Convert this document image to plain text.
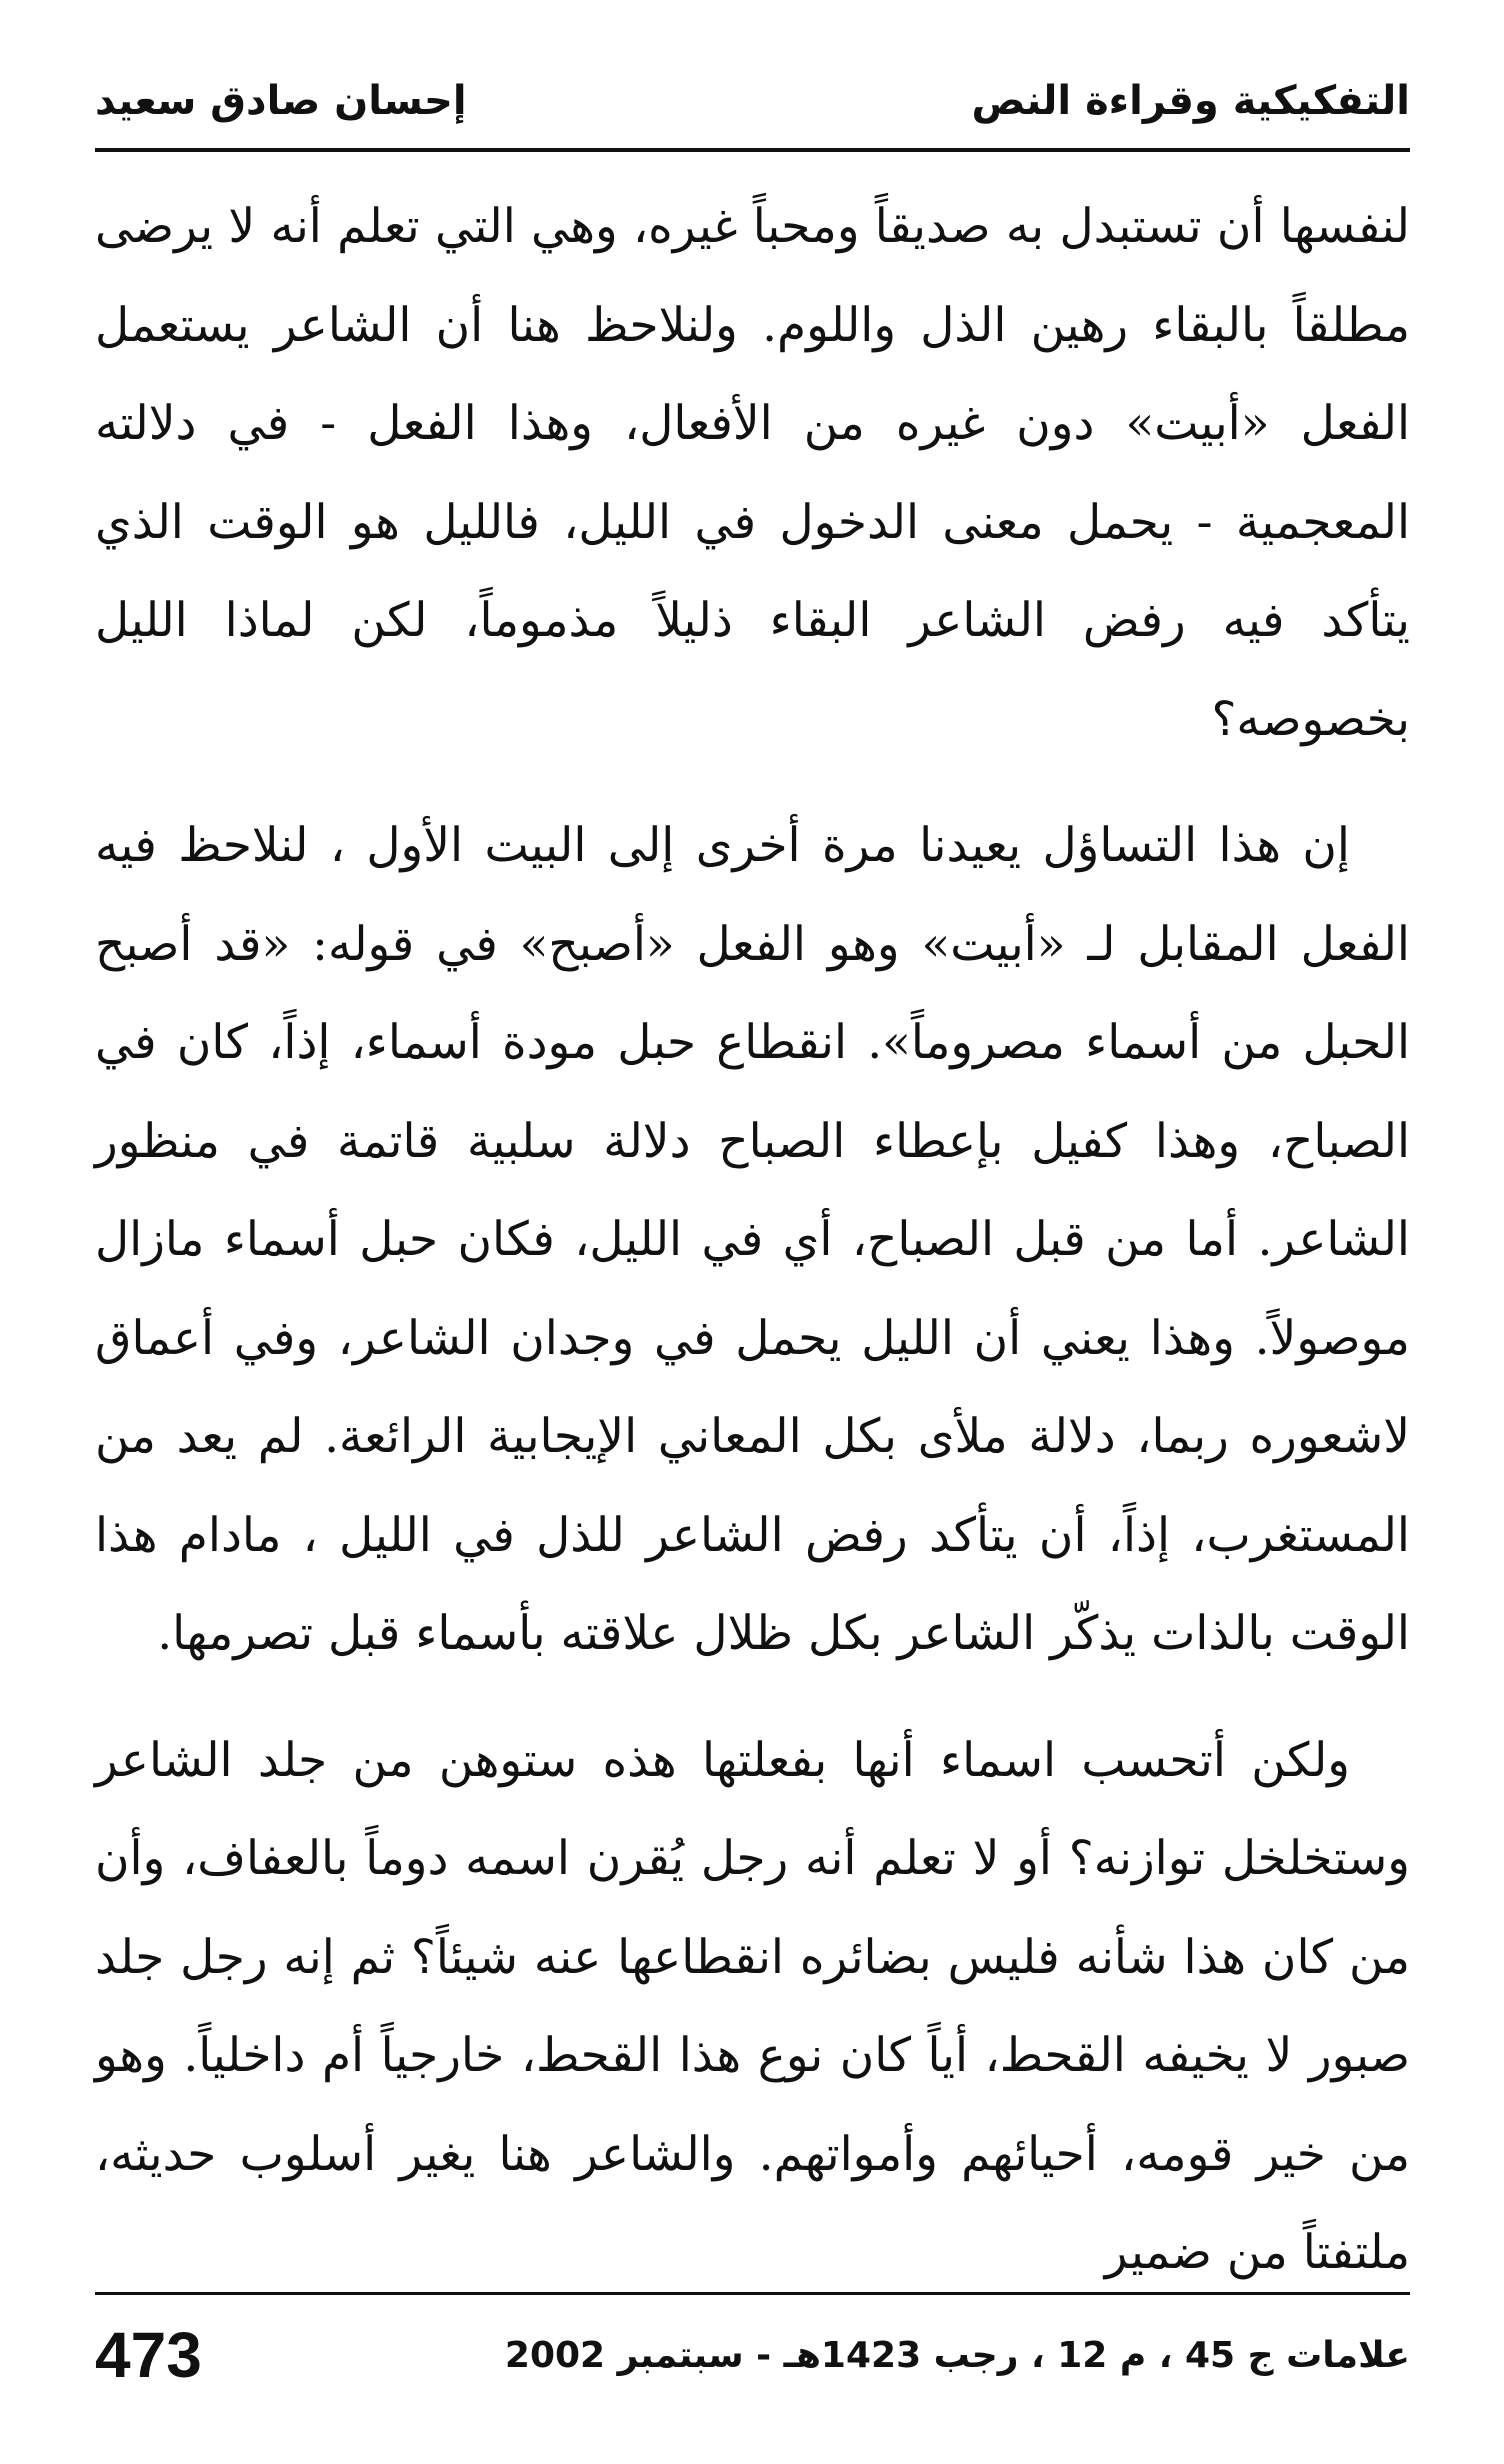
التفكيكية وقراءة النص
إحسان صادق سعيد

لنفسها أن تستبدل به صديقاً ومحباً غيره، وهي التي تعلم أنه لا يرضى مطلقاً بالبقاء رهين الذل واللوم. ولنلاحظ هنا أن الشاعر يستعمل الفعل «أبيت» دون غيره من الأفعال، وهذا الفعل - في دلالته المعجمية - يحمل معنى الدخول في الليل، فالليل هو الوقت الذي يتأكد فيه رفض الشاعر البقاء ذليلاً مذموماً، لكن لماذا الليل بخصوصه؟

إن هذا التساؤل يعيدنا مرة أخرى إلى البيت الأول ، لنلاحظ فيه الفعل المقابل لـ «أبيت» وهو الفعل «أصبح» في قوله: «قد أصبح الحبل من أسماء مصروماً». انقطاع حبل مودة أسماء، إذاً، كان في الصباح، وهذا كفيل بإعطاء الصباح دلالة سلبية قاتمة في منظور الشاعر. أما من قبل الصباح، أي في الليل، فكان حبل أسماء مازال موصولاً. وهذا يعني أن الليل يحمل في وجدان الشاعر، وفي أعماق لاشعوره ربما، دلالة ملأى بكل المعاني الإيجابية الرائعة. لم يعد من المستغرب، إذاً، أن يتأكد رفض الشاعر للذل في الليل ، مادام هذا الوقت بالذات يذكّر الشاعر بكل ظلال علاقته بأسماء قبل تصرمها.

ولكن أتحسب اسماء أنها بفعلتها هذه ستوهن من جلد الشاعر وستخلخل توازنه؟ أو لا تعلم أنه رجل يُقرن اسمه دوماً بالعفاف، وأن من كان هذا شأنه فليس بضائره انقطاعها عنه شيئاً؟ ثم إنه رجل جلد صبور لا يخيفه القحط، أياً كان نوع هذا القحط، خارجياً أم داخلياً. وهو من خير قومه، أحيائهم وأمواتهم. والشاعر هنا يغير أسلوب حديثه، ملتفتاً من ضمير

علامات ج 45 ، م 12 ، رجب 1423هـ - سبتمبر 2002
473
